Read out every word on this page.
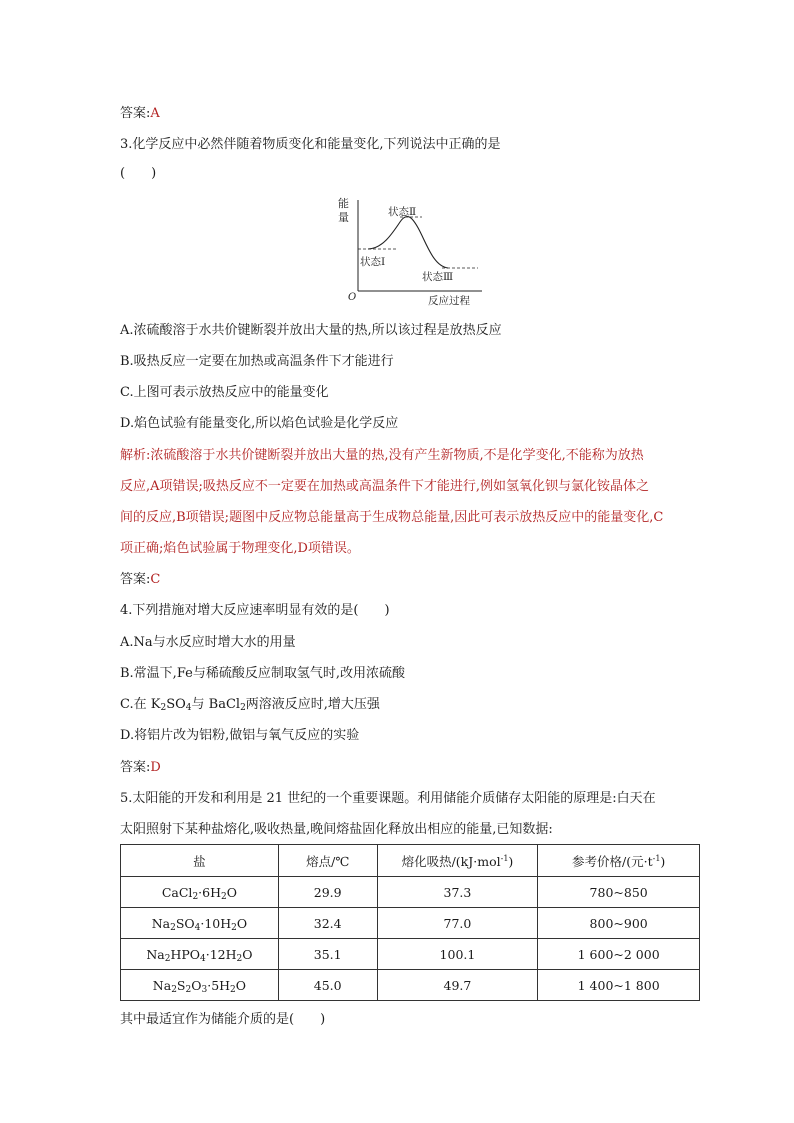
答案:A
3.化学反应中必然伴随着物质变化和能量变化,下列说法中正确的是
(　　)
能
量
O	反应过程
状态Ⅰ
状态Ⅱ
状态Ⅲ
A.浓硫酸溶于水共价键断裂并放出大量的热,所以该过程是放热反应
B.吸热反应一定要在加热或高温条件下才能进行
C.上图可表示放热反应中的能量变化
D.焰色试验有能量变化,所以焰色试验是化学反应
解析:浓硫酸溶于水共价键断裂并放出大量的热,没有产生新物质,不是化学变化,不能称为放热
反应,A项错误;吸热反应不一定要在加热或高温条件下才能进行,例如氢氧化钡与氯化铵晶体之
间的反应,B项错误;题图中反应物总能量高于生成物总能量,因此可表示放热反应中的能量变化,C
项正确;焰色试验属于物理变化,D项错误。
答案:C
4.下列措施对增大反应速率明显有效的是(　　)
A.Na与水反应时增大水的用量
B.常温下,Fe与稀硫酸反应制取氢气时,改用浓硫酸
C.在 $K_2SO_4$与 BaCl$_2$两溶液反应时,增大压强
D.将铝片改为铝粉,做铝与氧气反应的实验
答案:D
5.太阳能的开发和利用是 21 世纪的一个重要课题。利用储能介质储存太阳能的原理是:白天在
太阳照射下某种盐熔化,吸收热量,晚间熔盐固化释放出相应的能量,已知数据:
盐	熔点/℃	熔化吸热/(kJ·mol$^{-1}$)	参考价格/(元$\cdot t^{-1}$)
$CaCl_2\cdot 6H_2O$	29.9	37.3	780~850
$Na_2SO_4\cdot 10H_2O$	32.4	77.0	800~900
$Na_2HPO_4\cdot 12H_2O$	35.1	100.1	1 600~2 000
$Na_2S_2O_3\cdot 5H_2O$	45.0	49.7	1 400~1 800
其中最适宜作为储能介质的是(　　)
